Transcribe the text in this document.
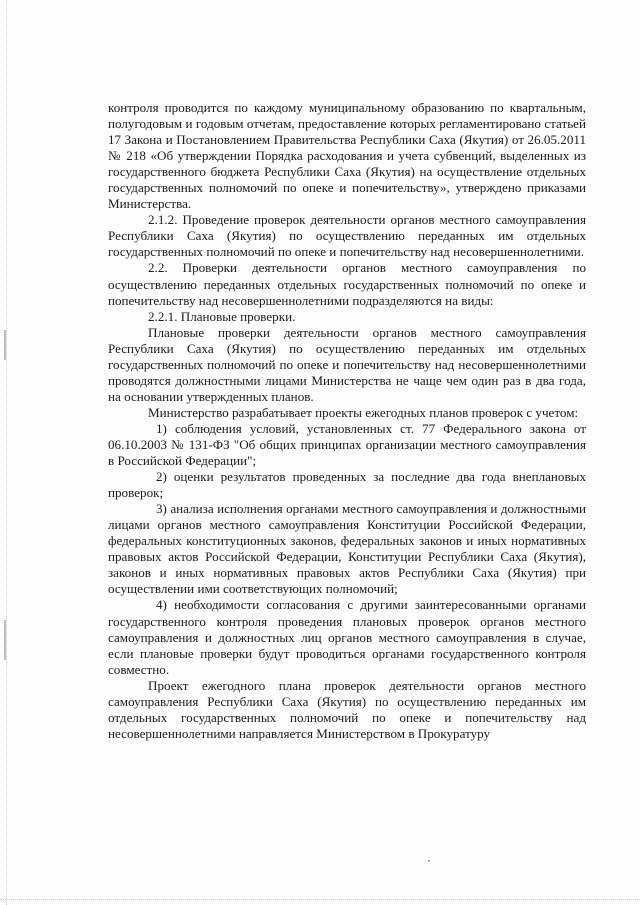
контроля проводится по каждому муниципальному образованию по квартальным, полугодовым и годовым отчетам, предоставление которых регламентировано статьей 17 Закона и Постановлением Правительства Республики Саха (Якутия) от 26.05.2011 № 218 «Об утверждении Порядка расходования и учета субвенций, выделенных из государственного бюджета Республики Саха (Якутия) на осуществление отдельных государственных полномочий по опеке и попечительству», утверждено приказами Министерства.

2.1.2. Проведение проверок деятельности органов местного самоуправления Республики Саха (Якутия) по осуществлению переданных им отдельных государственных полномочий по опеке и попечительству над несовершеннолетними.

2.2. Проверки деятельности органов местного самоуправления по осуществлению переданных отдельных государственных полномочий по опеке и попечительству над несовершеннолетними подразделяются на виды:

2.2.1. Плановые проверки.

Плановые проверки деятельности органов местного самоуправления Республики Саха (Якутия) по осуществлению переданных им отдельных государственных полномочий по опеке и попечительству над несовершеннолетними проводятся должностными лицами Министерства не чаще чем один раз в два года, на основании утвержденных планов.

Министерство разрабатывает проекты ежегодных планов проверок с учетом:

1) соблюдения условий, установленных ст. 77 Федерального закона от 06.10.2003 № 131-ФЗ "Об общих принципах организации местного самоуправления в Российской Федерации";

2) оценки результатов проведенных за последние два года внеплановых проверок;

3) анализа исполнения органами местного самоуправления и должностными лицами органов местного самоуправления Конституции Российской Федерации, федеральных конституционных законов, федеральных законов и иных нормативных правовых актов Российской Федерации, Конституции Республики Саха (Якутия), законов и иных нормативных правовых актов Республики Саха (Якутия) при осуществлении ими соответствующих полномочий;

4) необходимости согласования с другими заинтересованными органами государственного контроля проведения плановых проверок органов местного самоуправления и должностных лиц органов местного самоуправления в случае, если плановые проверки будут проводиться органами государственного контроля совместно.

Проект ежегодного плана проверок деятельности органов местного самоуправления Республики Саха (Якутия) по осуществлению переданных им отдельных государственных полномочий по опеке и попечительству над несовершеннолетними направляется Министерством в Прокуратуру
